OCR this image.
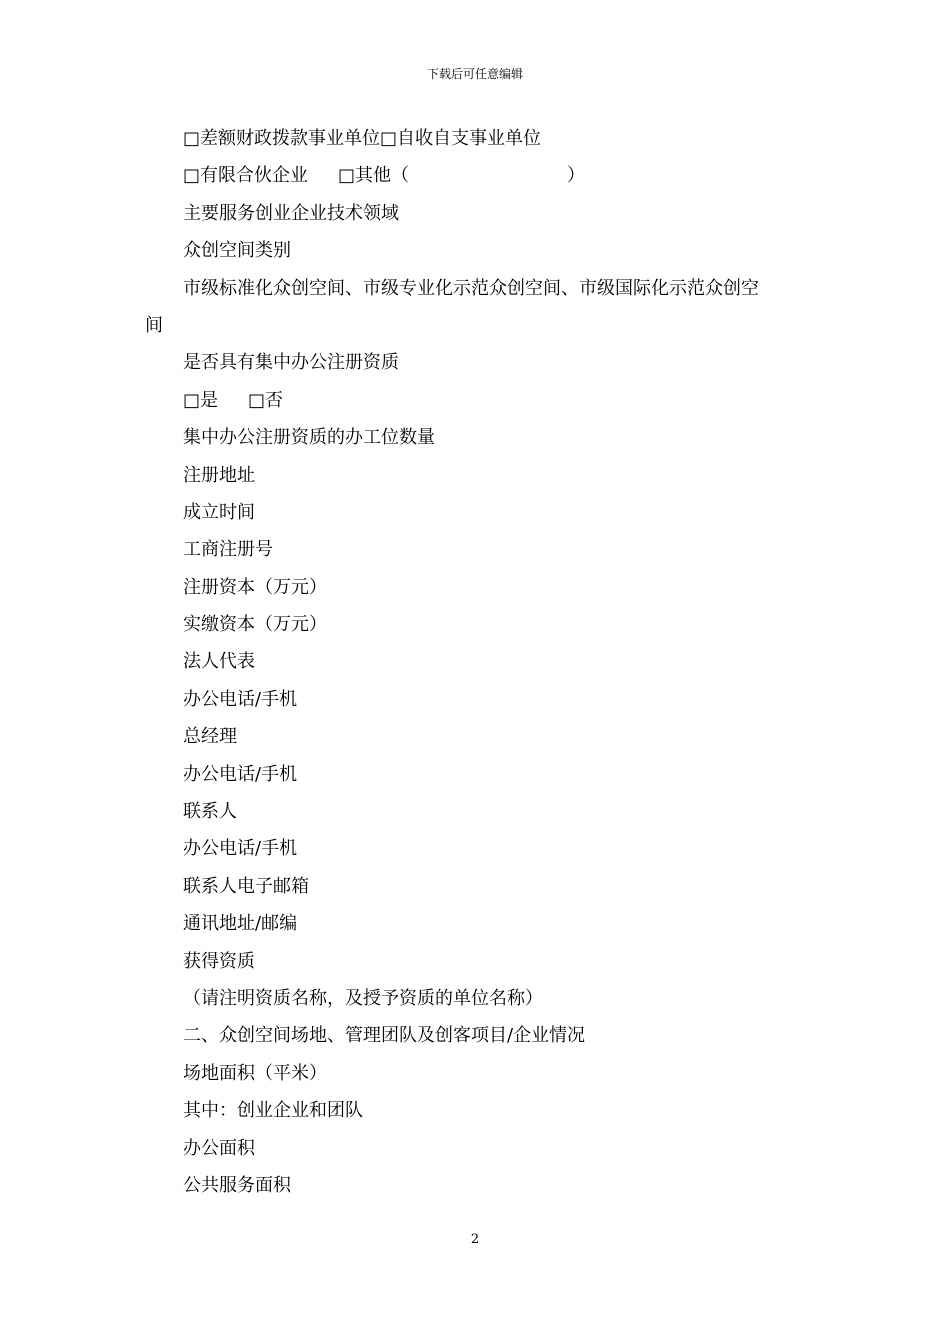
下载后可任意编辑
□差额财政拨款事业单位□自收自支事业单位
□有限合伙企业 □其他（	）
主要服务创业企业技术领域
众创空间类别
市级标准化众创空间、市级专业化示范众创空间、市级国际化示范众创空
间
是否具有集中办公注册资质
□是 □否
集中办公注册资质的办工位数量
注册地址
成立时间
工商注册号
注册资本（万元）
实缴资本（万元）
法人代表
办公电话/手机
总经理
办公电话/手机
联系人
办公电话/手机
联系人电子邮箱
通讯地址/邮编
获得资质
（请注明资质名称，及授予资质的单位名称）
二、众创空间场地、管理团队及创客项目/企业情况
场地面积（平米）
其中：创业企业和团队
办公面积
公共服务面积
2
